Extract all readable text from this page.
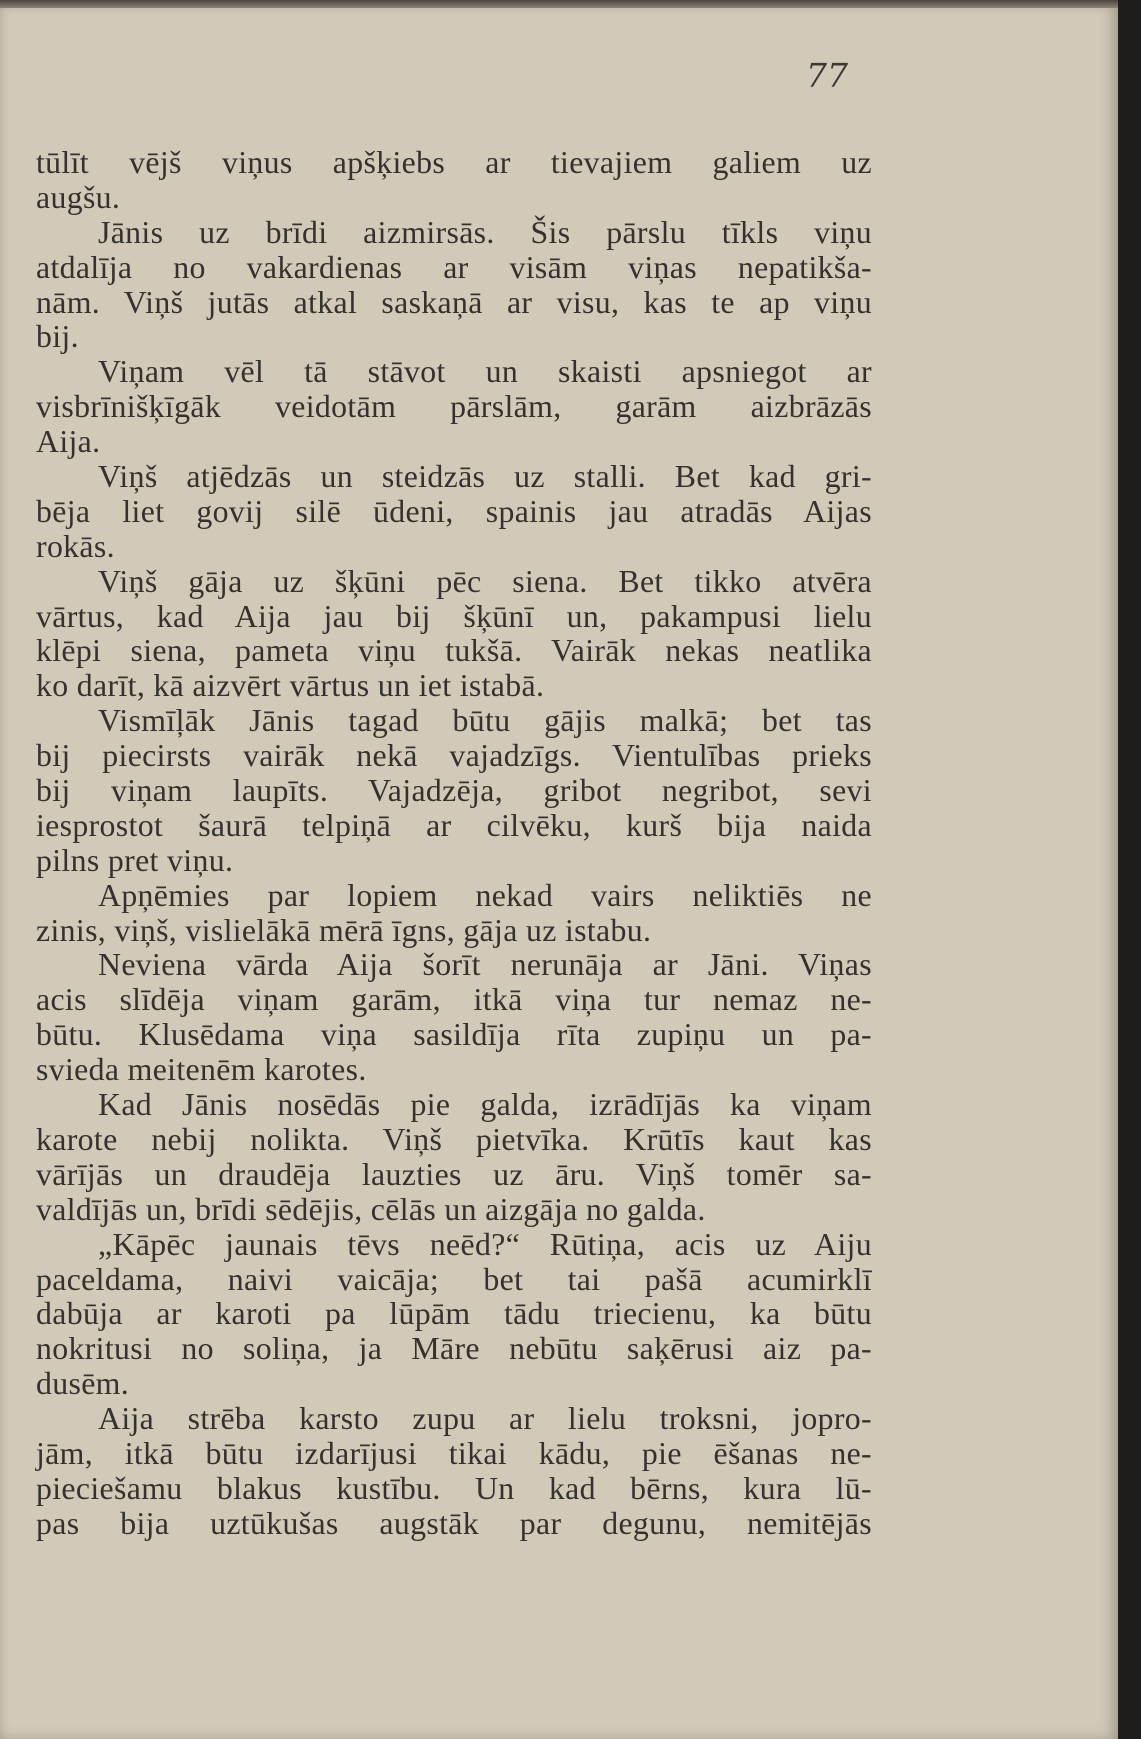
77
tūlīt vējš viņus apšķiebs ar tievajiem galiem uz
augšu.
Jānis uz brīdi aizmirsās. Šis pārslu tīkls viņu
atdalīja no vakardienas ar visām viņas nepatikša-
nām. Viņš jutās atkal saskaņā ar visu, kas te ap viņu
bij.
Viņam vēl tā stāvot un skaisti apsniegot ar
visbrīnišķīgāk veidotām pārslām, garām aizbrāzās
Aija.
Viņš atjēdzās un steidzās uz stalli. Bet kad gri-
bēja liet govij silē ūdeni, spainis jau atradās Aijas
rokās.
Viņš gāja uz šķūni pēc siena. Bet tikko atvēra
vārtus, kad Aija jau bij šķūnī un, pakampusi lielu
klēpi siena, pameta viņu tukšā. Vairāk nekas neatlika
ko darīt, kā aizvērt vārtus un iet istabā.
Vismīļāk Jānis tagad būtu gājis malkā; bet tas
bij piecirsts vairāk nekā vajadzīgs. Vientulības prieks
bij viņam laupīts. Vajadzēja, gribot negribot, sevi
iesprostot šaurā telpiņā ar cilvēku, kurš bija naida
pilns pret viņu.
Apņēmies par lopiem nekad vairs neliktiēs ne
zinis, viņš, vislielākā mērā īgns, gāja uz istabu.
Neviena vārda Aija šorīt nerunāja ar Jāni. Viņas
acis slīdēja viņam garām, itkā viņa tur nemaz ne-
būtu. Klusēdama viņa sasildīja rīta zupiņu un pa-
svieda meitenēm karotes.
Kad Jānis nosēdās pie galda, izrādījās ka viņam
karote nebij nolikta. Viņš pietvīka. Krūtīs kaut kas
vārījās un draudēja lauzties uz āru. Viņš tomēr sa-
valdījās un, brīdi sēdējis, cēlās un aizgāja no galda.
„Kāpēc jaunais tēvs neēd?“ Rūtiņa, acis uz Aiju
paceldama, naivi vaicāja; bet tai pašā acumirklī
dabūja ar karoti pa lūpām tādu triecienu, ka būtu
nokritusi no soliņa, ja Māre nebūtu saķērusi aiz pa-
dusēm.
Aija strēba karsto zupu ar lielu troksni, jopro-
jām, itkā būtu izdarījusi tikai kādu, pie ēšanas ne-
pieciešamu blakus kustību. Un kad bērns, kura lū-
pas bija uztūkušas augstāk par degunu, nemitējās
